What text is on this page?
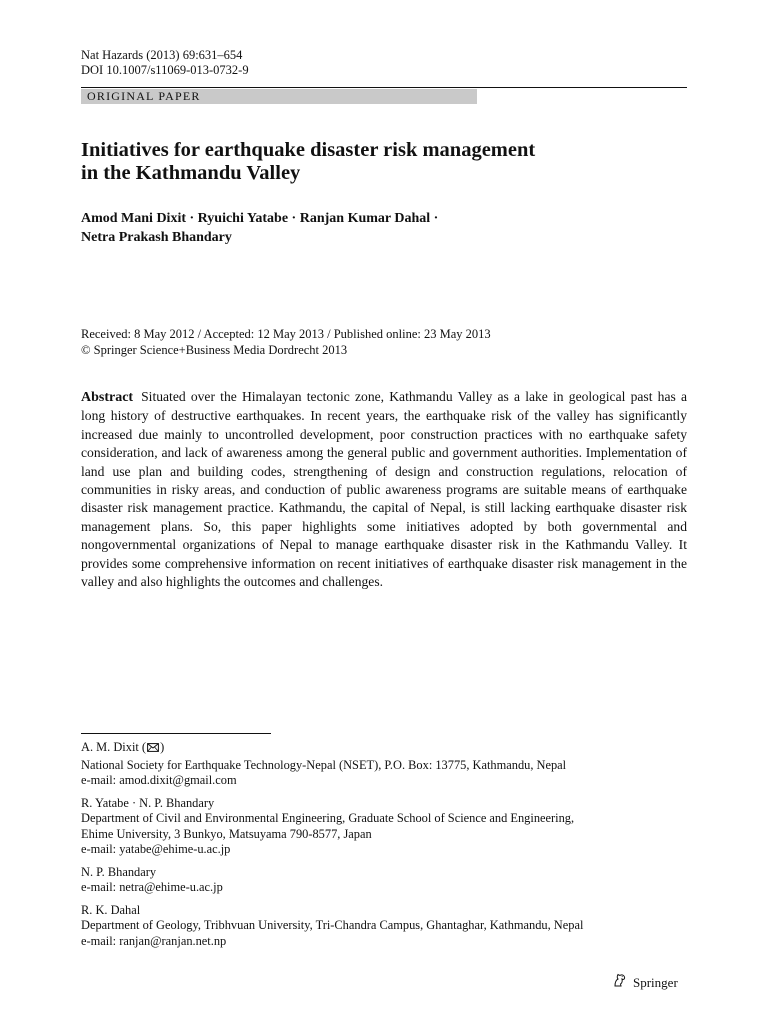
Nat Hazards (2013) 69:631–654
DOI 10.1007/s11069-013-0732-9
ORIGINAL PAPER
Initiatives for earthquake disaster risk management
in the Kathmandu Valley
Amod Mani Dixit · Ryuichi Yatabe · Ranjan Kumar Dahal ·
Netra Prakash Bhandary
Received: 8 May 2012 / Accepted: 12 May 2013 / Published online: 23 May 2013
© Springer Science+Business Media Dordrecht 2013
Abstract Situated over the Himalayan tectonic zone, Kathmandu Valley as a lake in geological past has a long history of destructive earthquakes. In recent years, the earthquake risk of the valley has significantly increased due mainly to uncontrolled development, poor construction practices with no earthquake safety consideration, and lack of awareness among the general public and government authorities. Implementation of land use plan and building codes, strengthening of design and construction regulations, relocation of communities in risky areas, and conduction of public awareness programs are suitable means of earthquake disaster risk management practice. Kathmandu, the capital of Nepal, is still lacking earthquake disaster risk management plans. So, this paper highlights some initiatives adopted by both governmental and nongovernmental organizations of Nepal to manage earthquake disaster risk in the Kathmandu Valley. It provides some comprehensive information on recent initiatives of earthquake disaster risk management in the valley and also highlights the outcomes and challenges.
A. M. Dixit ( )
National Society for Earthquake Technology-Nepal (NSET), P.O. Box: 13775, Kathmandu, Nepal
e-mail: amod.dixit@gmail.com
R. Yatabe · N. P. Bhandary
Department of Civil and Environmental Engineering, Graduate School of Science and Engineering,
Ehime University, 3 Bunkyo, Matsuyama 790-8577, Japan
e-mail: yatabe@ehime-u.ac.jp
N. P. Bhandary
e-mail: netra@ehime-u.ac.jp
R. K. Dahal
Department of Geology, Tribhvuan University, Tri-Chandra Campus, Ghantaghar, Kathmandu, Nepal
e-mail: ranjan@ranjan.net.np
Springer
